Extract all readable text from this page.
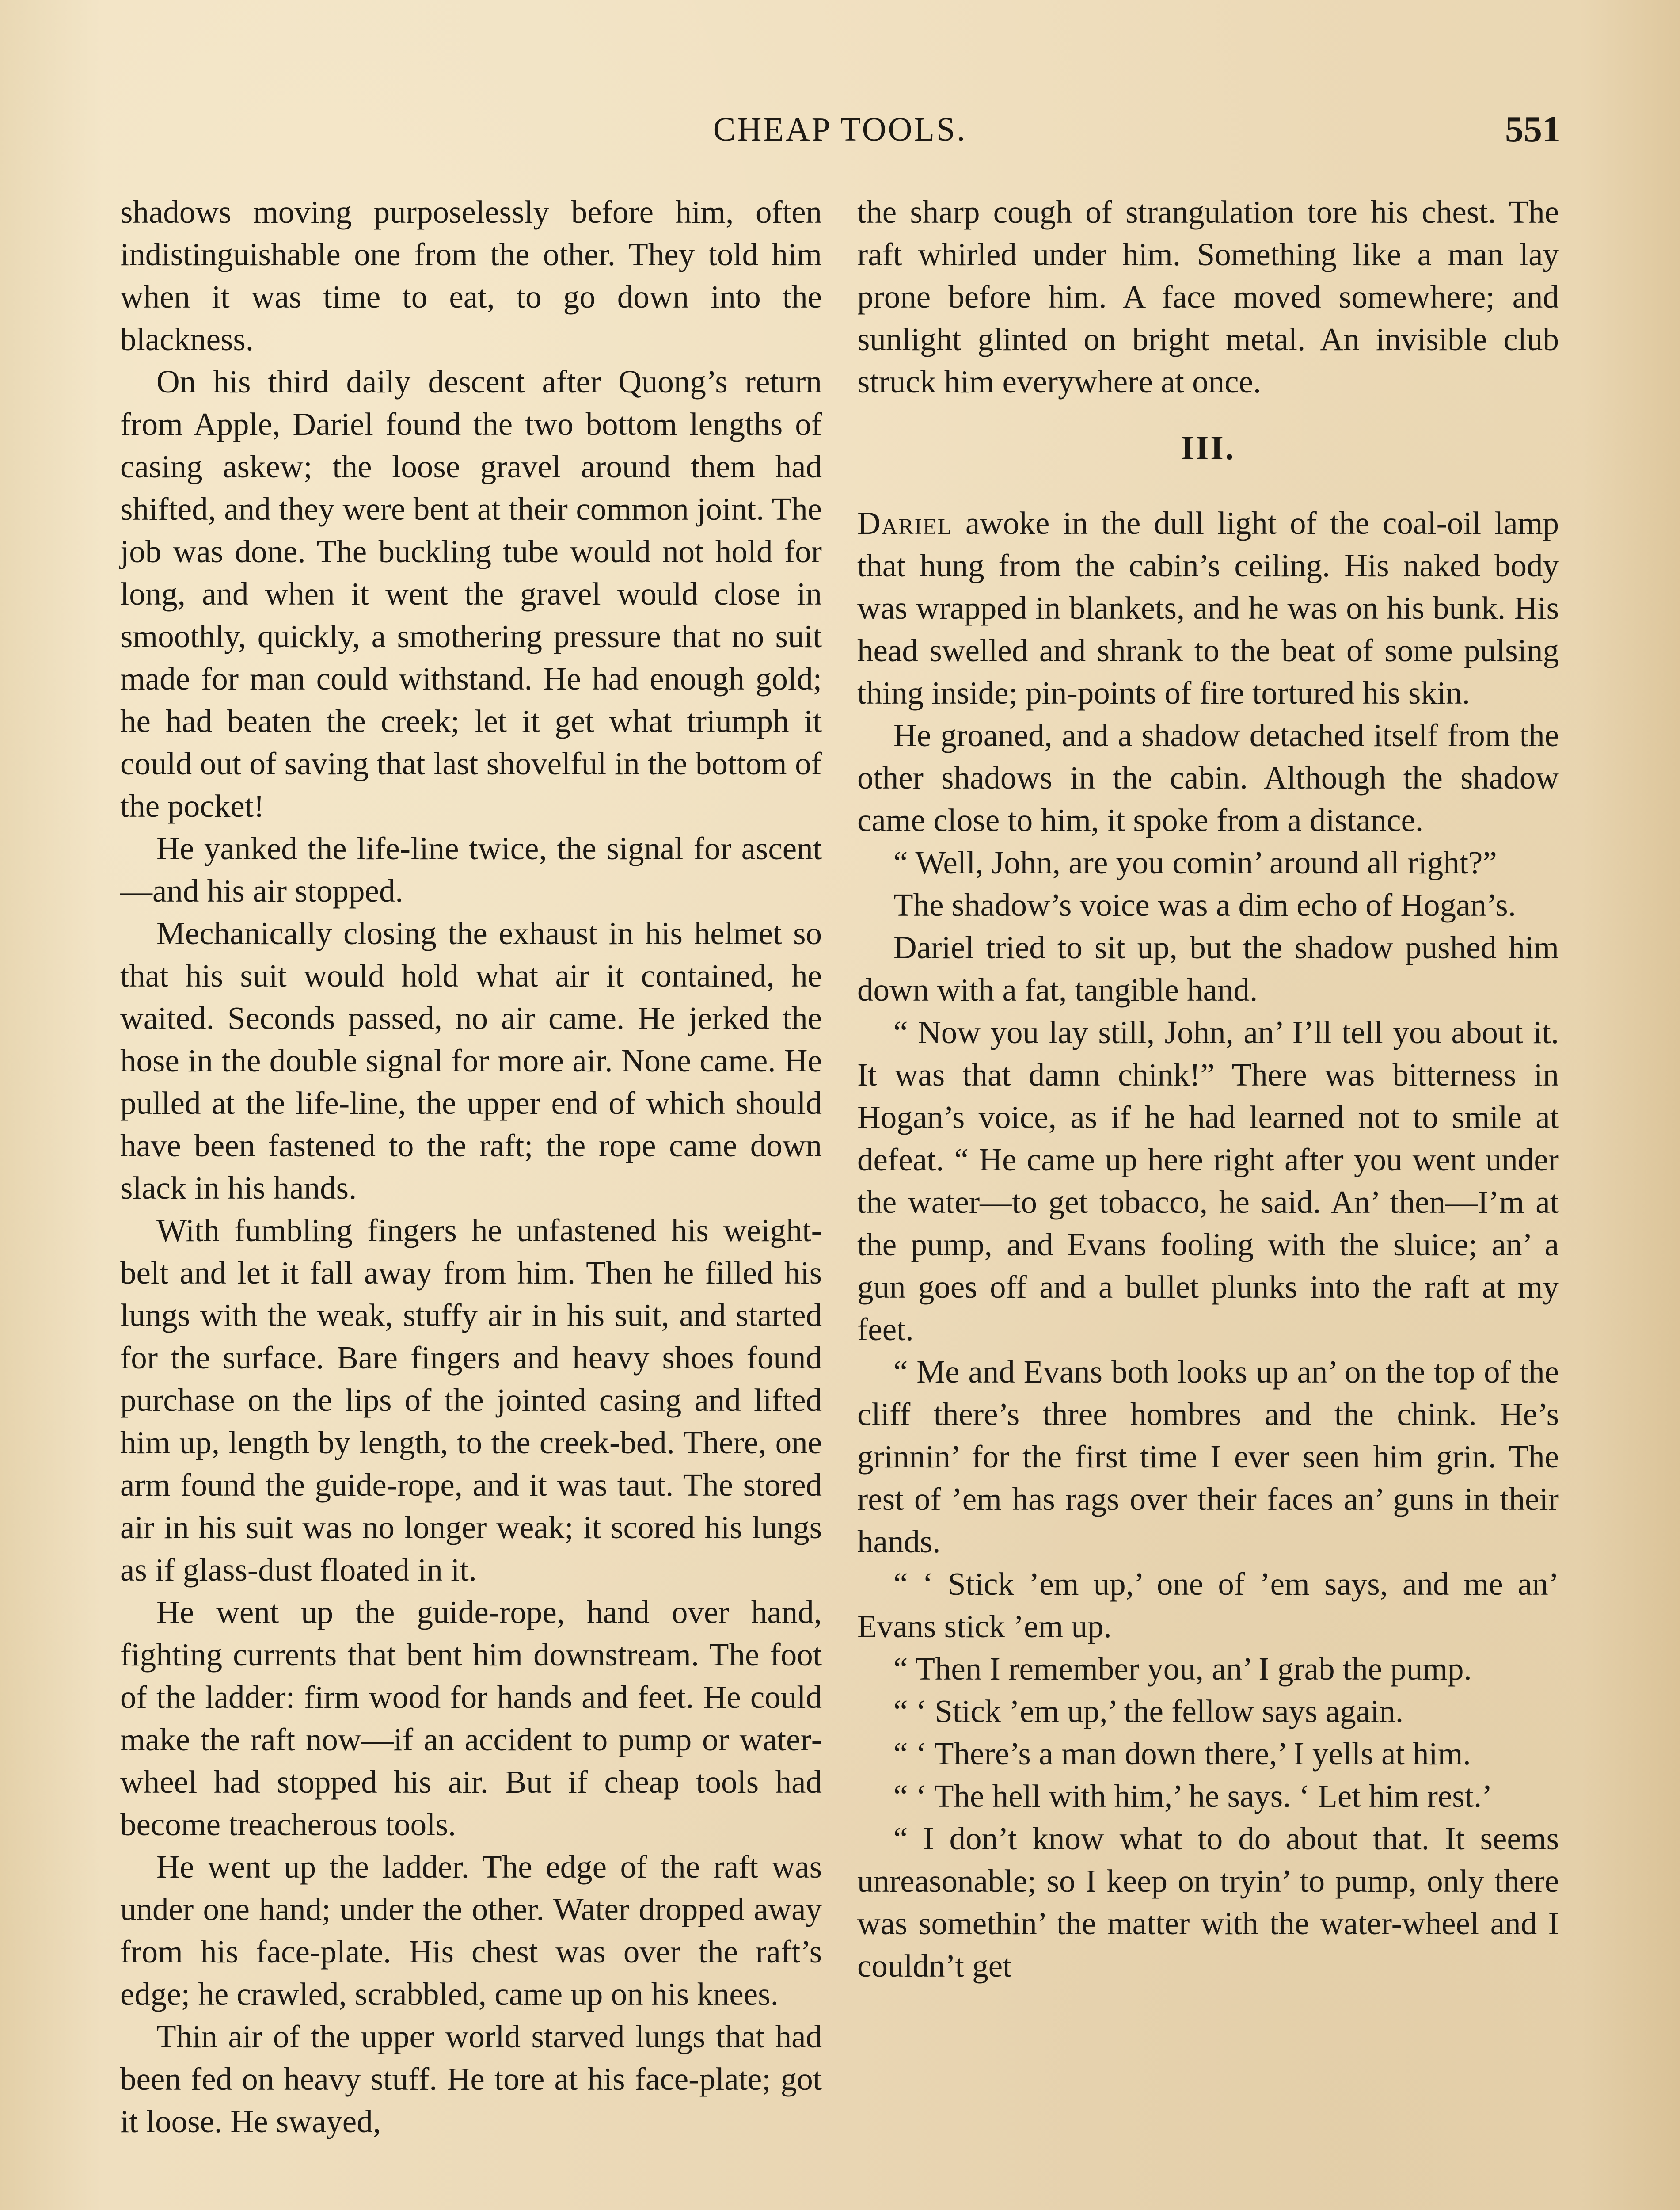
CHEAP TOOLS.	551

shadows moving purposelessly before him, often indistinguishable one from the other. They told him when it was time to eat, to go down into the blackness.

On his third daily descent after Quong’s return from Apple, Dariel found the two bottom lengths of casing askew; the loose gravel around them had shifted, and they were bent at their common joint. The job was done. The buckling tube would not hold for long, and when it went the gravel would close in smoothly, quickly, a smothering pressure that no suit made for man could withstand. He had enough gold; he had beaten the creek; let it get what triumph it could out of saving that last shovelful in the bottom of the pocket!

He yanked the life-line twice, the signal for ascent—and his air stopped.

Mechanically closing the exhaust in his helmet so that his suit would hold what air it contained, he waited. Seconds passed, no air came. He jerked the hose in the double signal for more air. None came. He pulled at the life-line, the upper end of which should have been fastened to the raft; the rope came down slack in his hands.

With fumbling fingers he unfastened his weight-belt and let it fall away from him. Then he filled his lungs with the weak, stuffy air in his suit, and started for the surface. Bare fingers and heavy shoes found purchase on the lips of the jointed casing and lifted him up, length by length, to the creek-bed. There, one arm found the guide-rope, and it was taut. The stored air in his suit was no longer weak; it scored his lungs as if glass-dust floated in it.

He went up the guide-rope, hand over hand, fighting currents that bent him downstream. The foot of the ladder: firm wood for hands and feet. He could make the raft now—if an accident to pump or waterwheel had stopped his air. But if cheap tools had become treacherous tools.

He went up the ladder. The edge of the raft was under one hand; under the other. Water dropped away from his face-plate. His chest was over the raft’s edge; he crawled, scrabbled, came up on his knees.

Thin air of the upper world starved lungs that had been fed on heavy stuff. He tore at his face-plate; got it loose. He swayed,

the sharp cough of strangulation tore his chest. The raft whirled under him. Something like a man lay prone before him. A face moved somewhere; and sunlight glinted on bright metal. An invisible club struck him everywhere at once.

III.

Dariel awoke in the dull light of the coal-oil lamp that hung from the cabin’s ceiling. His naked body was wrapped in blankets, and he was on his bunk. His head swelled and shrank to the beat of some pulsing thing inside; pin-points of fire tortured his skin.

He groaned, and a shadow detached itself from the other shadows in the cabin. Although the shadow came close to him, it spoke from a distance.

“ Well, John, are you comin’ around all right?”

The shadow’s voice was a dim echo of Hogan’s.

Dariel tried to sit up, but the shadow pushed him down with a fat, tangible hand.

“ Now you lay still, John, an’ I’ll tell you about it. It was that damn chink!” There was bitterness in Hogan’s voice, as if he had learned not to smile at defeat. “ He came up here right after you went under the water—to get tobacco, he said. An’ then—I’m at the pump, and Evans fooling with the sluice; an’ a gun goes off and a bullet plunks into the raft at my feet.

“ Me and Evans both looks up an’ on the top of the cliff there’s three hombres and the chink. He’s grinnin’ for the first time I ever seen him grin. The rest of ’em has rags over their faces an’ guns in their hands.

“ ‘ Stick ’em up,’ one of ’em says, and me an’ Evans stick ’em up.

“ Then I remember you, an’ I grab the pump.

“ ‘ Stick ’em up,’ the fellow says again.

“ ‘ There’s a man down there,’ I yells at him.

“ ‘ The hell with him,’ he says. ‘ Let him rest.’

“ I don’t know what to do about that. It seems unreasonable; so I keep on tryin’ to pump, only there was somethin’ the matter with the water-wheel and I couldn’t get
